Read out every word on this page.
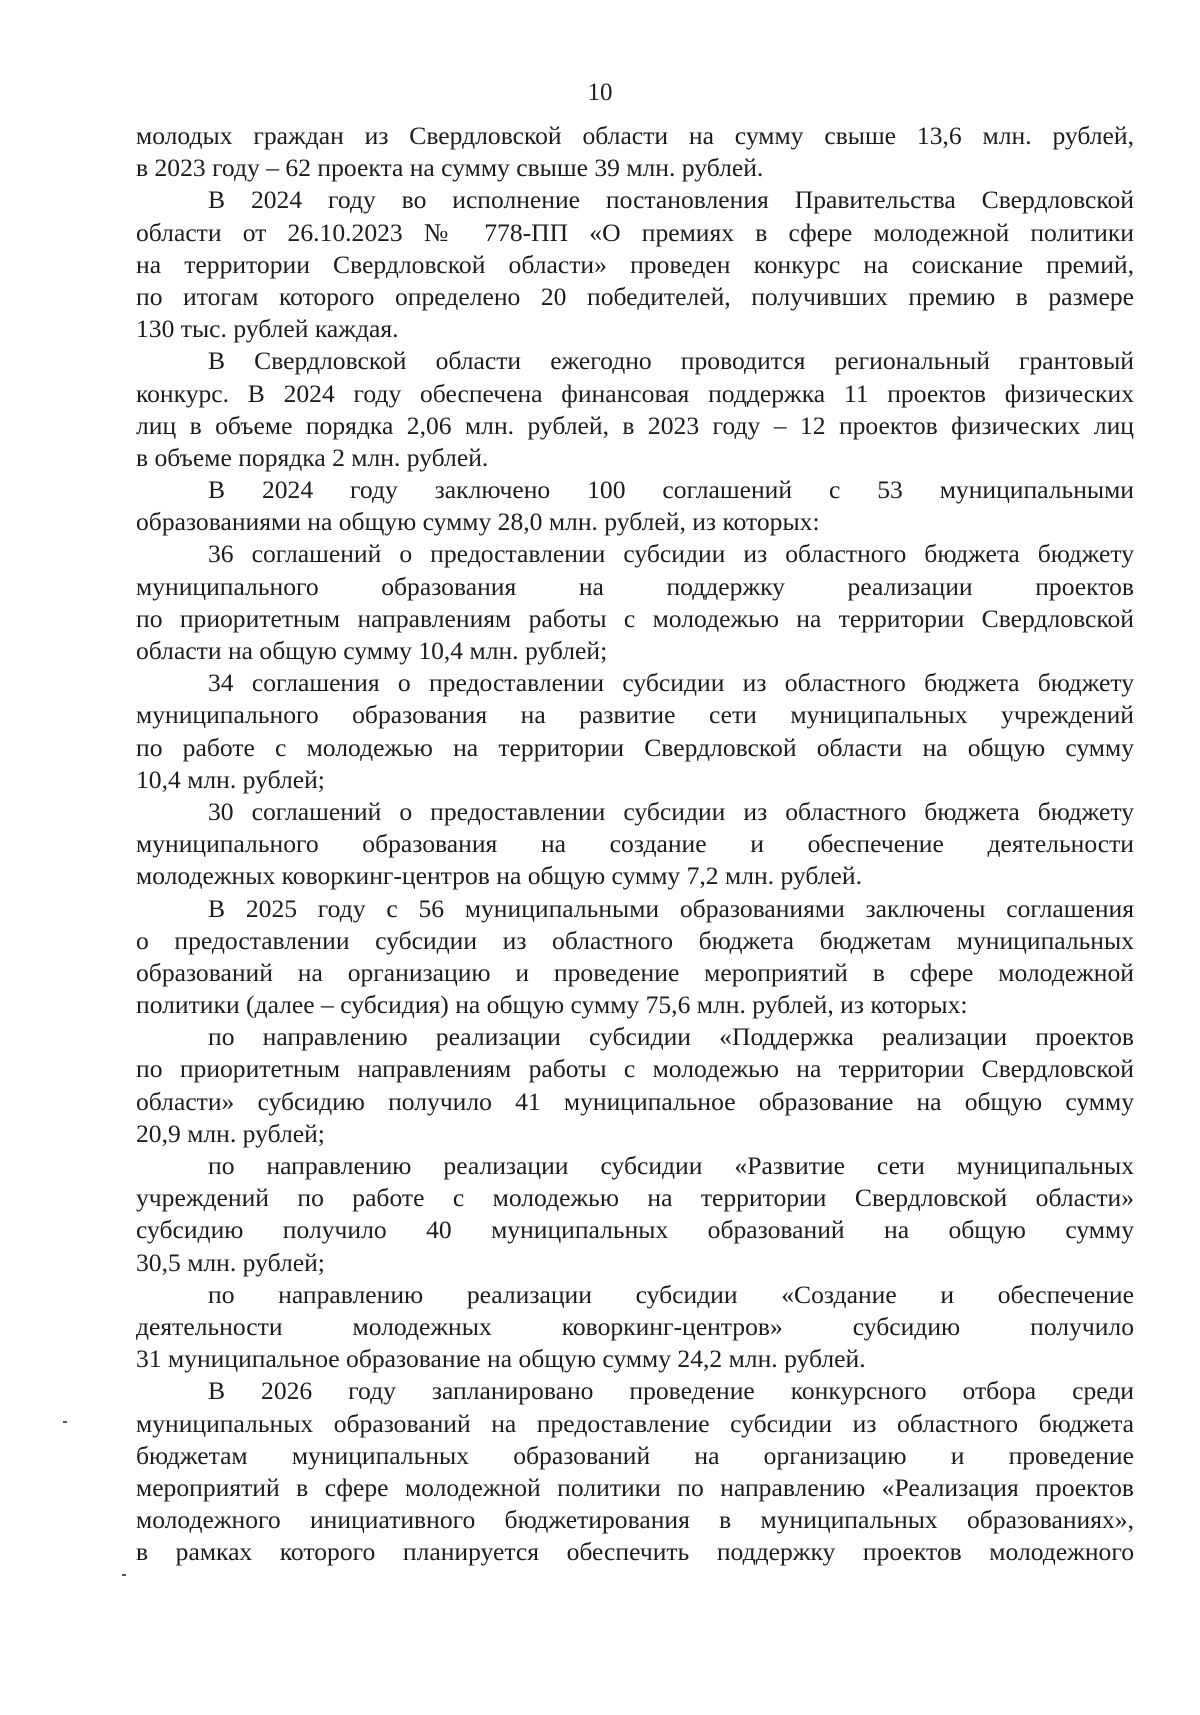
10
молодых граждан из Свердловской области на сумму свыше 13,6 млн. рублей,
в 2023 году – 62 проекта на сумму свыше 39 млн. рублей.
В 2024 году во исполнение постановления Правительства Свердловской
области от 26.10.2023 № 778-ПП «О премиях в сфере молодежной политики
на территории Свердловской области» проведен конкурс на соискание премий,
по итогам которого определено 20 победителей, получивших премию в размере
130 тыс. рублей каждая.
В Свердловской области ежегодно проводится региональный грантовый
конкурс. В 2024 году обеспечена финансовая поддержка 11 проектов физических
лиц в объеме порядка 2,06 млн. рублей, в 2023 году – 12 проектов физических лиц
в объеме порядка 2 млн. рублей.
В 2024 году заключено 100 соглашений с 53 муниципальными
образованиями на общую сумму 28,0 млн. рублей, из которых:
36 соглашений о предоставлении субсидии из областного бюджета бюджету
муниципального образования на поддержку реализации проектов
по приоритетным направлениям работы с молодежью на территории Свердловской
области на общую сумму 10,4 млн. рублей;
34 соглашения о предоставлении субсидии из областного бюджета бюджету
муниципального образования на развитие сети муниципальных учреждений
по работе с молодежью на территории Свердловской области на общую сумму
10,4 млн. рублей;
30 соглашений о предоставлении субсидии из областного бюджета бюджету
муниципального образования на создание и обеспечение деятельности
молодежных коворкинг-центров на общую сумму 7,2 млн. рублей.
В 2025 году с 56 муниципальными образованиями заключены соглашения
о предоставлении субсидии из областного бюджета бюджетам муниципальных
образований на организацию и проведение мероприятий в сфере молодежной
политики (далее – субсидия) на общую сумму 75,6 млн. рублей, из которых:
по направлению реализации субсидии «Поддержка реализации проектов
по приоритетным направлениям работы с молодежью на территории Свердловской
области» субсидию получило 41 муниципальное образование на общую сумму
20,9 млн. рублей;
по направлению реализации субсидии «Развитие сети муниципальных
учреждений по работе с молодежью на территории Свердловской области»
субсидию получило 40 муниципальных образований на общую сумму
30,5 млн. рублей;
по направлению реализации субсидии «Создание и обеспечение
деятельности молодежных коворкинг-центров» субсидию получило
31 муниципальное образование на общую сумму 24,2 млн. рублей.
В 2026 году запланировано проведение конкурсного отбора среди
муниципальных образований на предоставление субсидии из областного бюджета
бюджетам муниципальных образований на организацию и проведение
мероприятий в сфере молодежной политики по направлению «Реализация проектов
молодежного инициативного бюджетирования в муниципальных образованиях»,
в рамках которого планируется обеспечить поддержку проектов молодежного
